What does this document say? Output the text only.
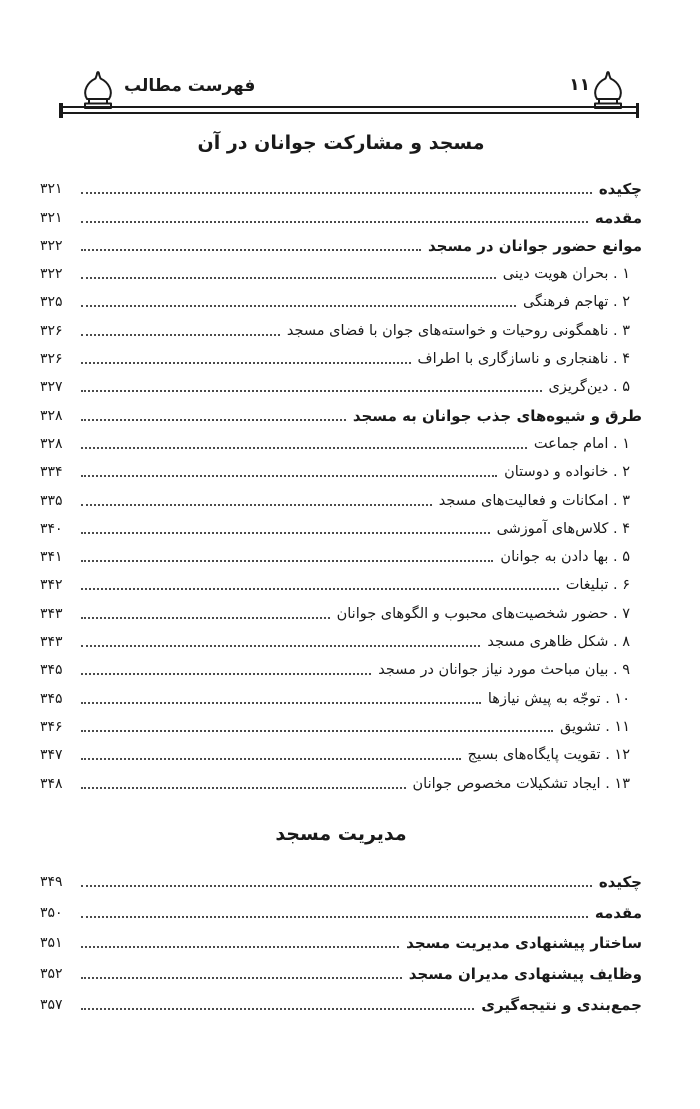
فهرست مطالب	۱۱
مسجد و مشارکت جوانان در آن
چکیده
۳۲۱
مقدمه
۳۲۱
موانع حضور جوانان در مسجد
۳۲۲
۱ . بحران هویت دینی
۳۲۲
۲ . تهاجم فرهنگی
۳۲۵
۳ . ناهمگونی روحیات و خواسته‌های جوان با فضای مسجد
۳۲۶
۴ . ناهنجاری و ناسازگاری با اطراف
۳۲۶
۵ . دین‌گریزی
۳۲۷
طرق و شیوه‌های جذب جوانان به مسجد
۳۲۸
۱ . امام جماعت
۳۲۸
۲ . خانواده و دوستان
۳۳۴
۳ . امکانات و فعالیت‌های مسجد
۳۳۵
۴ . کلاس‌های آموزشی
۳۴۰
۵ . بها دادن به جوانان
۳۴۱
۶ . تبلیغات
۳۴۲
۷ . حضور شخصیت‌های محبوب و الگوهای جوانان
۳۴۳
۸ . شکل ظاهری مسجد
۳۴۳
۹ . بیان مباحث مورد نیاز جوانان در مسجد
۳۴۵
۱۰ . توجّه به پیش نیازها
۳۴۵
۱۱ . تشویق
۳۴۶
۱۲ . تقویت پایگاه‌های بسیج
۳۴۷
۱۳ . ایجاد تشکیلات مخصوص جوانان
۳۴۸
مدیریت مسجد
چکیده
۳۴۹
مقدمه
۳۵۰
ساختار پیشنهادی مدیریت مسجد
۳۵۱
وظایف پیشنهادی مدیران مسجد
۳۵۲
جمع‌بندی و نتیجه‌گیری
۳۵۷
